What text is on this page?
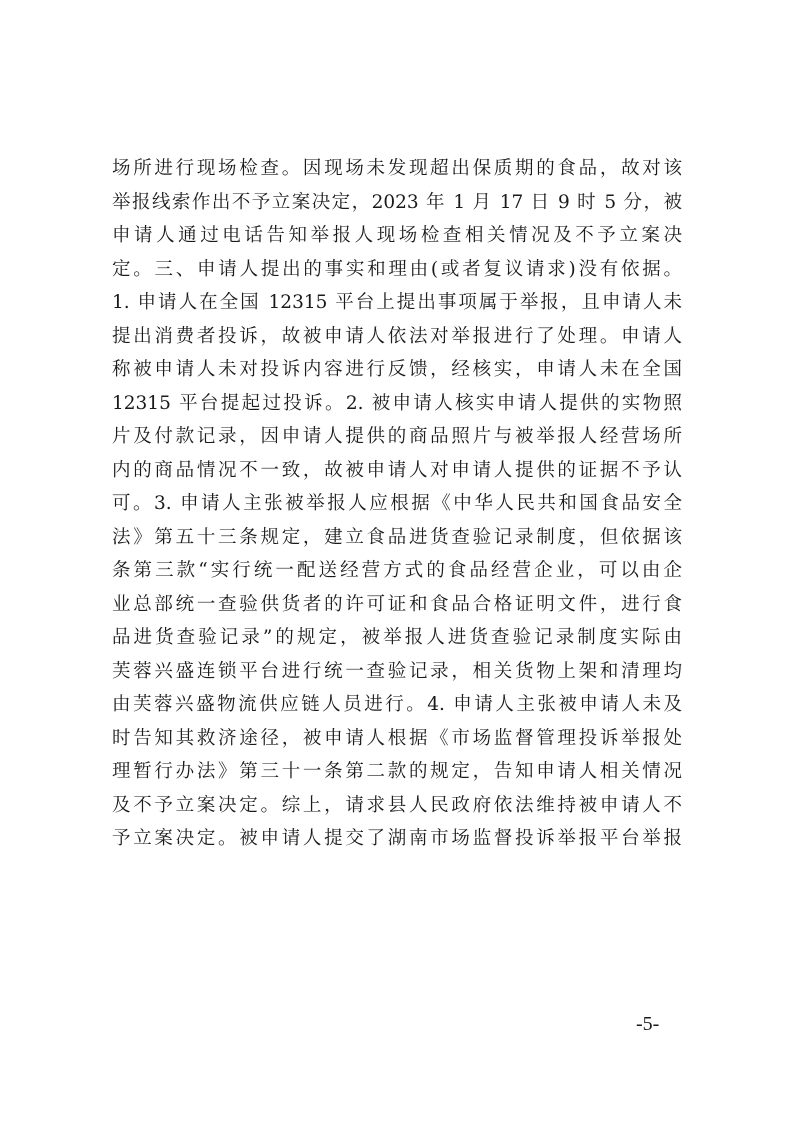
场所进行现场检查。因现场未发现超出保质期的食品，故对该
举报线索作出不予立案决定，2023 年 1 月 17 日 9 时 5 分，被
申请人通过电话告知举报人现场检查相关情况及不予立案决
定。三、申请人提出的事实和理由(或者复议请求)没有依据。
1. 申请人在全国 12315 平台上提出事项属于举报，且申请人未
提出消费者投诉，故被申请人依法对举报进行了处理。申请人
称被申请人未对投诉内容进行反馈，经核实，申请人未在全国
12315 平台提起过投诉。2. 被申请人核实申请人提供的实物照
片及付款记录，因申请人提供的商品照片与被举报人经营场所
内的商品情况不一致，故被申请人对申请人提供的证据不予认
可。3. 申请人主张被举报人应根据《中华人民共和国食品安全
法》第五十三条规定，建立食品进货查验记录制度，但依据该
条第三款“实行统一配送经营方式的食品经营企业，可以由企
业总部统一查验供货者的许可证和食品合格证明文件，进行食
品进货查验记录”的规定，被举报人进货查验记录制度实际由
芙蓉兴盛连锁平台进行统一查验记录，相关货物上架和清理均
由芙蓉兴盛物流供应链人员进行。4. 申请人主张被申请人未及
时告知其救济途径，被申请人根据《市场监督管理投诉举报处
理暂行办法》第三十一条第二款的规定，告知申请人相关情况
及不予立案决定。综上，请求县人民政府依法维持被申请人不
予立案决定。被申请人提交了湖南市场监督投诉举报平台举报
-5-
